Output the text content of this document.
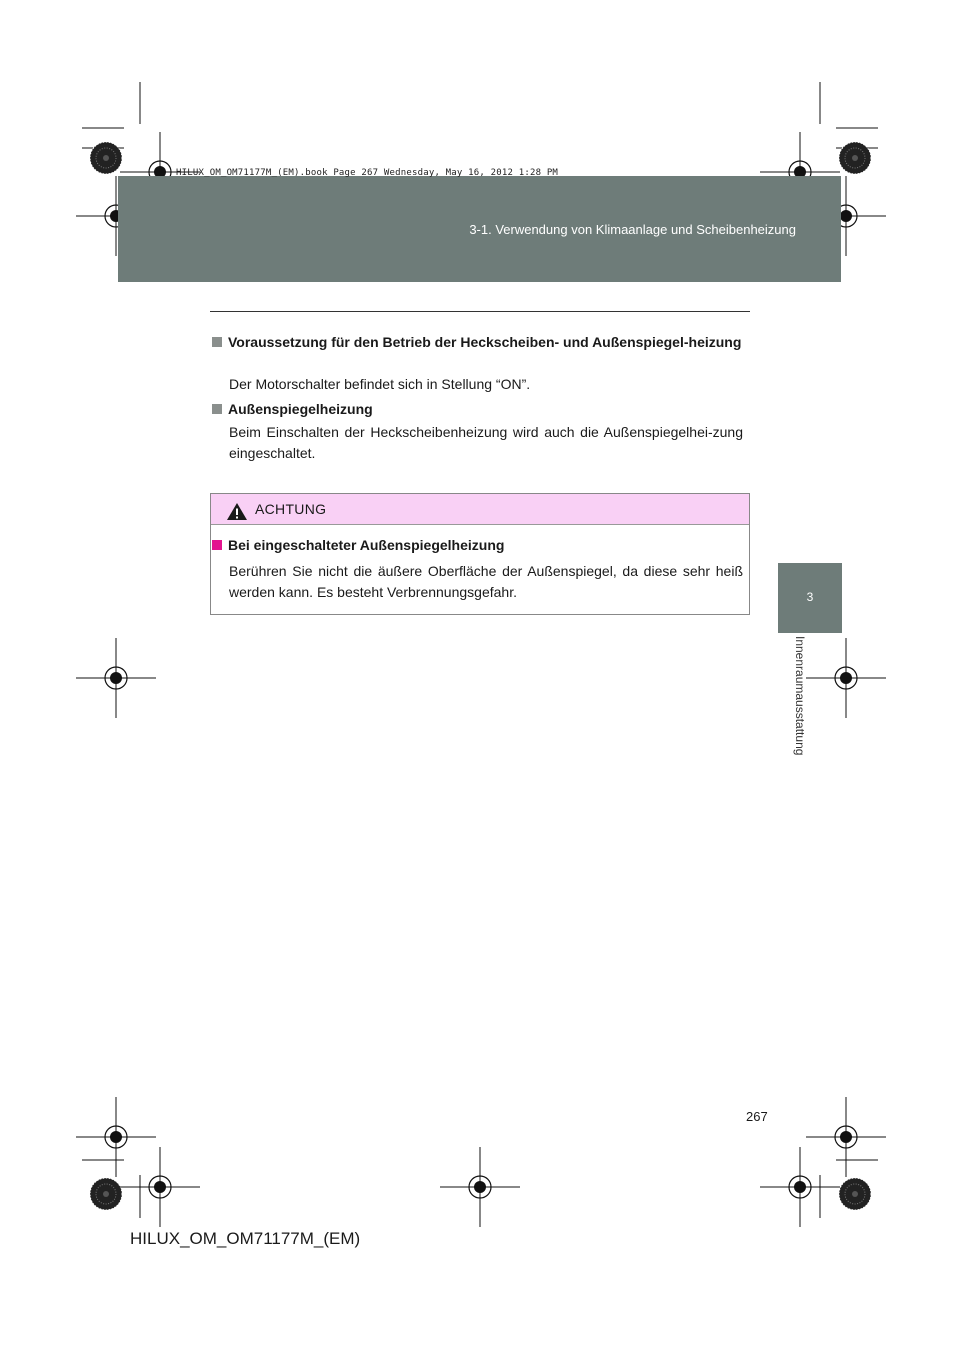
HILUX_OM_OM71177M_(EM).book Page 267 Wednesday, May 16, 2012 1:28 PM
3-1. Verwendung von Klimaanlage und Scheibenheizung
3
Innenraumausstattung
Voraussetzung für den Betrieb der Heckscheiben- und Außenspiegel-heizung
Der Motorschalter befindet sich in Stellung “ON”.
Außenspiegelheizung
Beim Einschalten der Heckscheibenheizung wird auch die Außenspiegelhei-zung eingeschaltet.
ACHTUNG
Bei eingeschalteter Außenspiegelheizung
Berühren Sie nicht die äußere Oberfläche der Außenspiegel, da diese sehr heiß werden kann. Es besteht Verbrennungsgefahr.
267
HILUX_OM_OM71177M_(EM)
